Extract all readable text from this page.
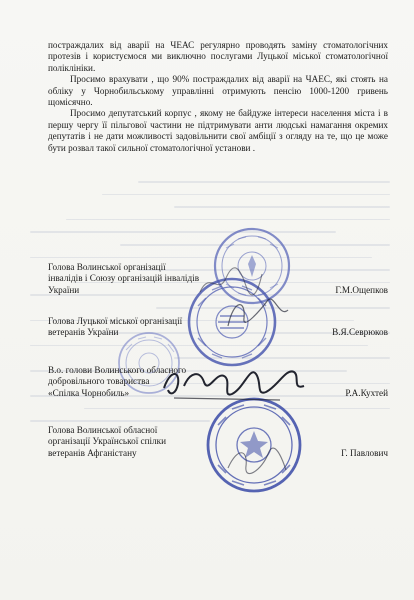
постраждалих від аварії на ЧЕАС регулярно проводять заміну стоматологічних протезів і користуємося ми виключно послугами Луцької міської стоматологічної поліклініки.

Просимо врахувати , що 90% постраждалих від аварії на ЧАЕС, які стоять на обліку у Чорнобильському управлінні отримують пенсію 1000-1200 гривень щомісячно.

Просимо депутатський корпус , якому не байдуже інтереси населення міста і в першу чергу її пільгової частини не підтримувати анти людські намагання окремих депутатів і не дати можливості задовільнити свої амбіції з огляду на те, що це може бути розвал такої сильної стоматологічної установи .

Голова Волинської організації
інвалідів і Союзу організацій інвалідів
України	Г.М.Ощепков
Голова Луцької міської організації
ветеранів України	В.Я.Севрюков
В.о. голови Волинського обласного
добровільного товариства
«Спілка Чорнобиль»	Р.А.Кухтей
Голова Волинської обласної
організації Української спілки
ветеранів Афганістану	Г. Павлович
